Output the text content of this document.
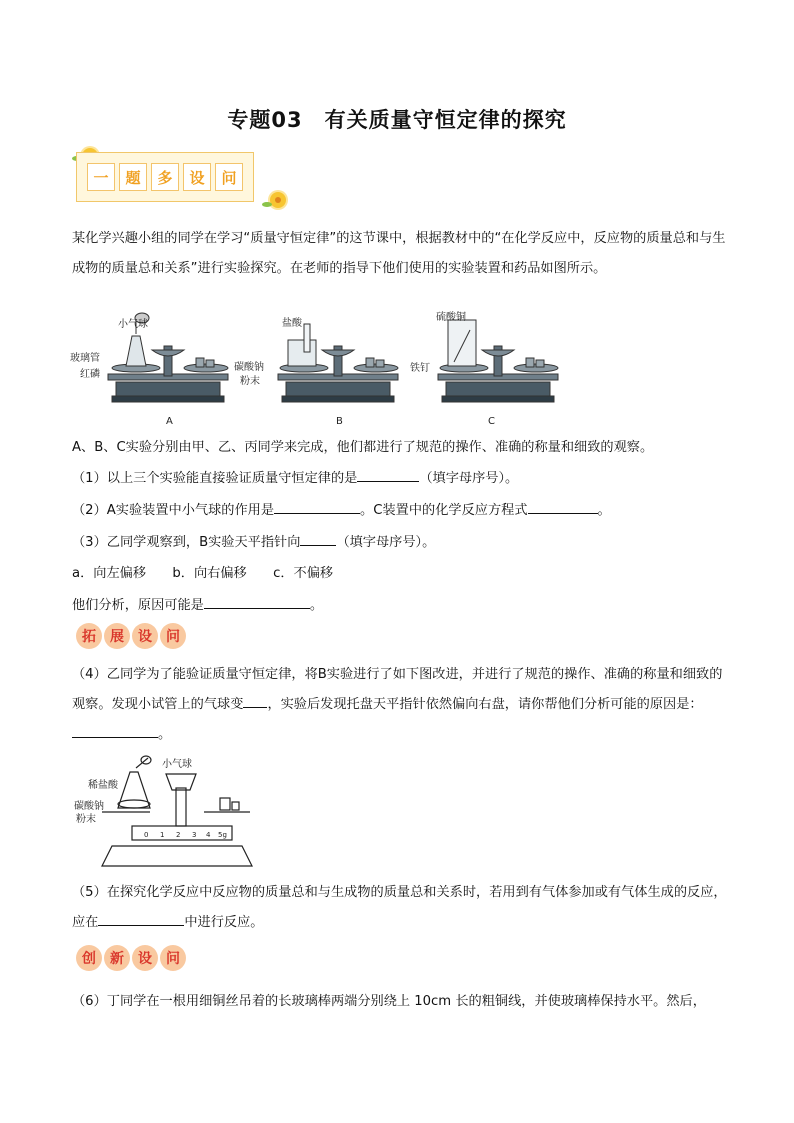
专题03　有关质量守恒定律的探究
一	题	多	设	问
某化学兴趣小组的同学在学习“质量守恒定律”的这节课中，根据教材中的“在化学反应中，反应物的质量总和与生成物的质量总和关系”进行实验探究。在老师的指导下他们使用的实验装置和药品如图所示。
小气球
玻璃管
红磷
A
盐酸
碳酸钠
粉末
B
硫酸铜
铁钉
C
A、B、C实验分别由甲、乙、丙同学来完成，他们都进行了规范的操作、准确的称量和细致的观察。
（1）以上三个实验能直接验证质量守恒定律的是	（填字母序号）。
（2）A实验装置中小气球的作用是	。C装置中的化学反应方程式	。
（3）乙同学观察到，B实验天平指针向	（填字母序号）。
a．向左偏移　　b．向右偏移　　c．不偏移
他们分析，原因可能是	。
拓	展	设	问
（4）乙同学为了能验证质量守恒定律，将B实验进行了如下图改进，并进行了规范的操作、准确的称量和细致的观察。发现小试管上的气球变 ，实验后发现托盘天平指针依然偏向右盘，请你帮他们分析可能的原因是：。
小气球
稀盐酸
碳酸钠
粉末
0 1 2 3 4 5g
（5）在探究化学反应中反应物的质量总和与生成物的质量总和关系时，若用到有气体参加或有气体生成的反应，应在	中进行反应。
创	新	设	问
（6）丁同学在一根用细铜丝吊着的长玻璃棒两端分别绕上 10cm 长的粗铜线，并使玻璃棒保持水平。然后，
